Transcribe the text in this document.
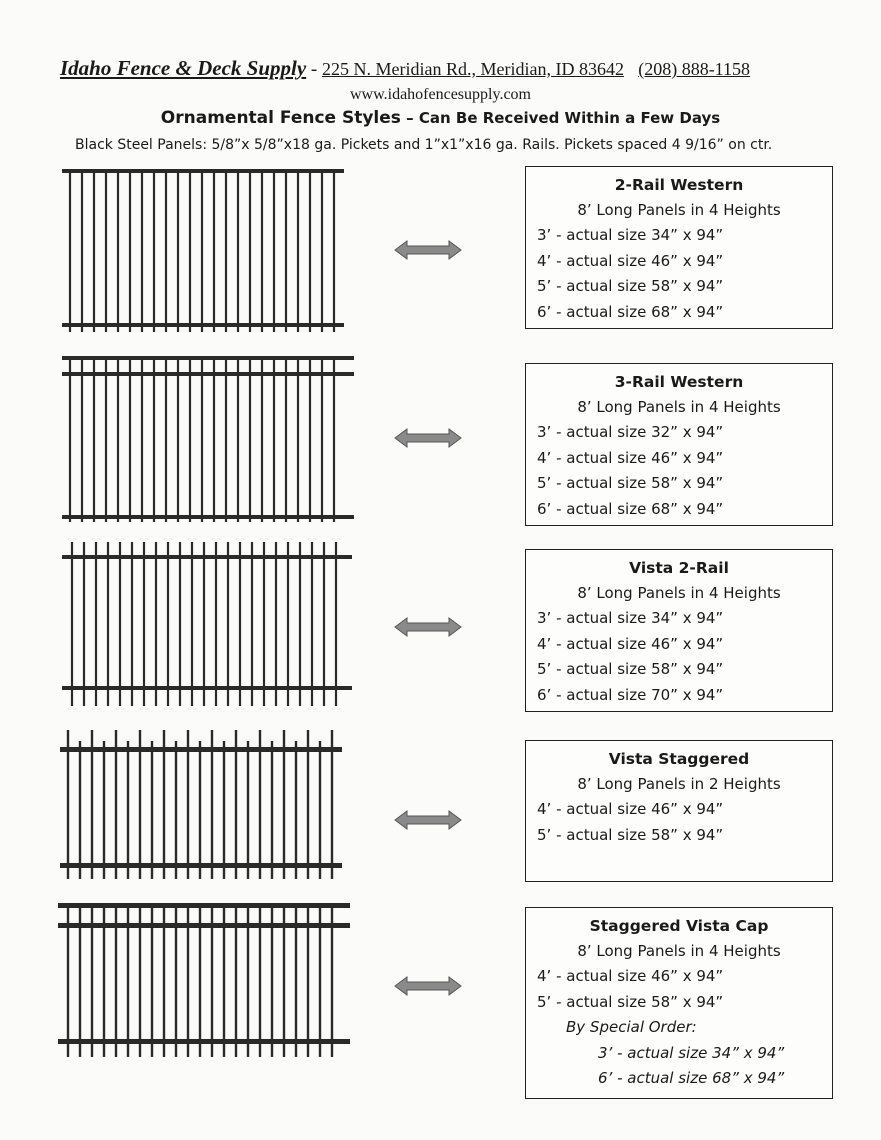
Idaho Fence & Deck Supply - 225 N. Meridian Rd., Meridian, ID 83642 (208) 888-1158
www.idahofencesupply.com
Ornamental Fence Styles – Can Be Received Within a Few Days
Black Steel Panels: 5/8”x 5/8”x18 ga. Pickets and 1”x1”x16 ga. Rails. Pickets spaced 4 9/16” on ctr.
2-Rail Western
8’ Long Panels in 4 Heights
3’ - actual size 34” x 94”
4’ - actual size 46” x 94”
5’ - actual size 58” x 94”
6’ - actual size 68” x 94”
3-Rail Western
8’ Long Panels in 4 Heights
3’ - actual size 32” x 94”
4’ - actual size 46” x 94”
5’ - actual size 58” x 94”
6’ - actual size 68” x 94”
Vista 2-Rail
8’ Long Panels in 4 Heights
3’ - actual size 34” x 94”
4’ - actual size 46” x 94”
5’ - actual size 58” x 94”
6’ - actual size 70” x 94”
Vista Staggered
8’ Long Panels in 2 Heights
4’ - actual size 46” x 94”
5’ - actual size 58” x 94”
Staggered Vista Cap
8’ Long Panels in 4 Heights
4’ - actual size 46” x 94”
5’ - actual size 58” x 94”
By Special Order:
3’ - actual size 34” x 94”
6’ - actual size 68” x 94”
